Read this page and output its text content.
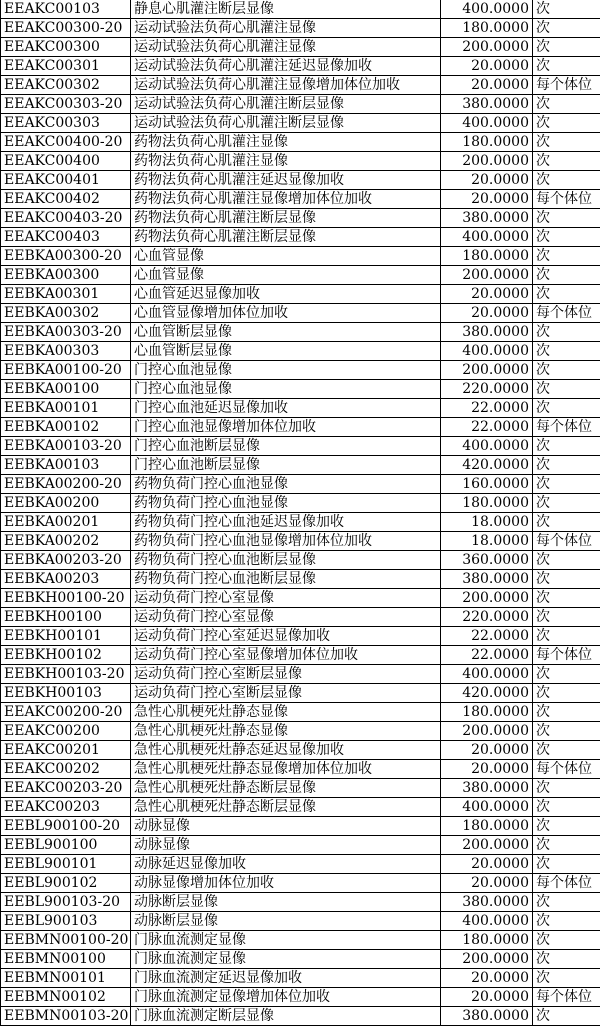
EEAKC00103	静息心肌灌注断层显像	400.0000	次
EEAKC00300-20	运动试验法负荷心肌灌注显像	180.0000	次
EEAKC00300	运动试验法负荷心肌灌注显像	200.0000	次
EEAKC00301	运动试验法负荷心肌灌注延迟显像加收	20.0000	次
EEAKC00302	运动试验法负荷心肌灌注显像增加体位加收	20.0000	每个体位
EEAKC00303-20	运动试验法负荷心肌灌注断层显像	380.0000	次
EEAKC00303	运动试验法负荷心肌灌注断层显像	400.0000	次
EEAKC00400-20	药物法负荷心肌灌注显像	180.0000	次
EEAKC00400	药物法负荷心肌灌注显像	200.0000	次
EEAKC00401	药物法负荷心肌灌注延迟显像加收	20.0000	次
EEAKC00402	药物法负荷心肌灌注显像增加体位加收	20.0000	每个体位
EEAKC00403-20	药物法负荷心肌灌注断层显像	380.0000	次
EEAKC00403	药物法负荷心肌灌注断层显像	400.0000	次
EEBKA00300-20	心血管显像	180.0000	次
EEBKA00300	心血管显像	200.0000	次
EEBKA00301	心血管延迟显像加收	20.0000	次
EEBKA00302	心血管显像增加体位加收	20.0000	每个体位
EEBKA00303-20	心血管断层显像	380.0000	次
EEBKA00303	心血管断层显像	400.0000	次
EEBKA00100-20	门控心血池显像	200.0000	次
EEBKA00100	门控心血池显像	220.0000	次
EEBKA00101	门控心血池延迟显像加收	22.0000	次
EEBKA00102	门控心血池显像增加体位加收	22.0000	每个体位
EEBKA00103-20	门控心血池断层显像	400.0000	次
EEBKA00103	门控心血池断层显像	420.0000	次
EEBKA00200-20	药物负荷门控心血池显像	160.0000	次
EEBKA00200	药物负荷门控心血池显像	180.0000	次
EEBKA00201	药物负荷门控心血池延迟显像加收	18.0000	次
EEBKA00202	药物负荷门控心血池显像增加体位加收	18.0000	每个体位
EEBKA00203-20	药物负荷门控心血池断层显像	360.0000	次
EEBKA00203	药物负荷门控心血池断层显像	380.0000	次
EEBKH00100-20	运动负荷门控心室显像	200.0000	次
EEBKH00100	运动负荷门控心室显像	220.0000	次
EEBKH00101	运动负荷门控心室延迟显像加收	22.0000	次
EEBKH00102	运动负荷门控心室显像增加体位加收	22.0000	每个体位
EEBKH00103-20	运动负荷门控心室断层显像	400.0000	次
EEBKH00103	运动负荷门控心室断层显像	420.0000	次
EEAKC00200-20	急性心肌梗死灶静态显像	180.0000	次
EEAKC00200	急性心肌梗死灶静态显像	200.0000	次
EEAKC00201	急性心肌梗死灶静态延迟显像加收	20.0000	次
EEAKC00202	急性心肌梗死灶静态显像增加体位加收	20.0000	每个体位
EEAKC00203-20	急性心肌梗死灶静态断层显像	380.0000	次
EEAKC00203	急性心肌梗死灶静态断层显像	400.0000	次
EEBL900100-20	动脉显像	180.0000	次
EEBL900100	动脉显像	200.0000	次
EEBL900101	动脉延迟显像加收	20.0000	次
EEBL900102	动脉显像增加体位加收	20.0000	每个体位
EEBL900103-20	动脉断层显像	380.0000	次
EEBL900103	动脉断层显像	400.0000	次
EEBMN00100-20	门脉血流测定显像	180.0000	次
EEBMN00100	门脉血流测定显像	200.0000	次
EEBMN00101	门脉血流测定延迟显像加收	20.0000	次
EEBMN00102	门脉血流测定显像增加体位加收	20.0000	每个体位
EEBMN00103-20	门脉血流测定断层显像	380.0000	次
